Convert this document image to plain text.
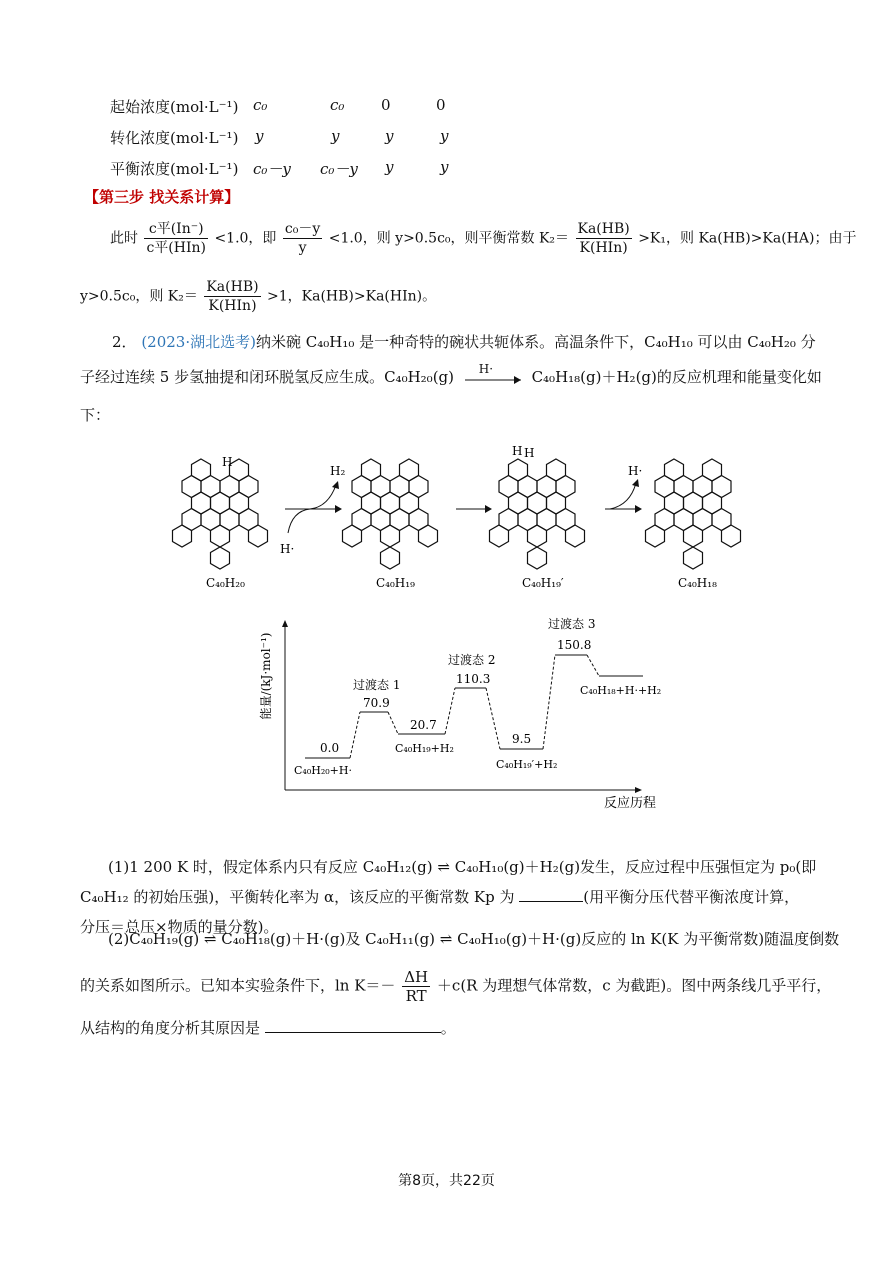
起始浓度(mol·L⁻¹) c₀	c₀ 0	0
转化浓度(mol·L⁻¹) y	y	y	y
平衡浓度(mol·L⁻¹) c₀－y c₀－y y	y
【第三步 找关系计算】
此时 $\frac{\text{c平(In⁻)}}{\text{c平(HIn)}} <1.0$，即 $\frac{\text{c₀－y}}{y} <1.0$，则 y>0.5c₀，则平衡常数 $K_2= \frac{Ka(HB)}{\text{K(HIn)}} >K_1$，则 Ka(HB)>Ka(HA)；由于
y>0.5c₀，则 $K_2= \frac{Ka(HB)}{\text{K(HIn)}} >1$，Ka(HB)>Ka(HIn)。
2． (2023·湖北选考)纳米碗 C₄₀H₁₀ 是一种奇特的碗状共轭体系。高温条件下，C₄₀H₁₀ 可以由 C₄₀H₂₀ 分
子经过连续 5 步氢抽提和闭环脱氢反应生成。C₄₀H₂₀(g) H·	C₄₀H₁₈(g)＋H₂(g)的反应机理和能量变化如
下：
H
H H
H₂
H·
H·
C₄₀H₂₀	C₄₀H₁₉	C₄₀H₁₉′	C₄₀H₁₈
能量/(kJ·mol⁻¹)
反应历程
0.0
C₄₀H₂₀+H·
70.9
过渡态 1
20.7
C₄₀H₁₉+H₂
110.3
过渡态 2
9.5
C₄₀H₁₉′+H₂
150.8
过渡态 3
C₄₀H₁₈+H·+H₂
(1)1 200 K 时，假定体系内只有反应 C₄₀H₁₂(g) ⇌ C₄₀H₁₀(g)＋H₂(g)发生，反应过程中压强恒定为 p₀(即
C₄₀H₁₂ 的初始压强)，平衡转化率为 α，该反应的平衡常数 Kp 为	(用平衡分压代替平衡浓度计算，
分压＝总压×物质的量分数)。
(2)C₄₀H₁₉(g) ⇌ C₄₀H₁₈(g)＋H·(g)及 C₄₀H₁₁(g) ⇌ C₄₀H₁₀(g)＋H·(g)反应的 ln K(K 为平衡常数)随温度倒数
的关系如图所示。已知本实验条件下，$\ln K=- \frac{\Delta H}{RT} +c(R$ 为理想气体常数，c 为截距)。图中两条线几乎平行，
从结构的角度分析其原因是	。
第8页，共22页
